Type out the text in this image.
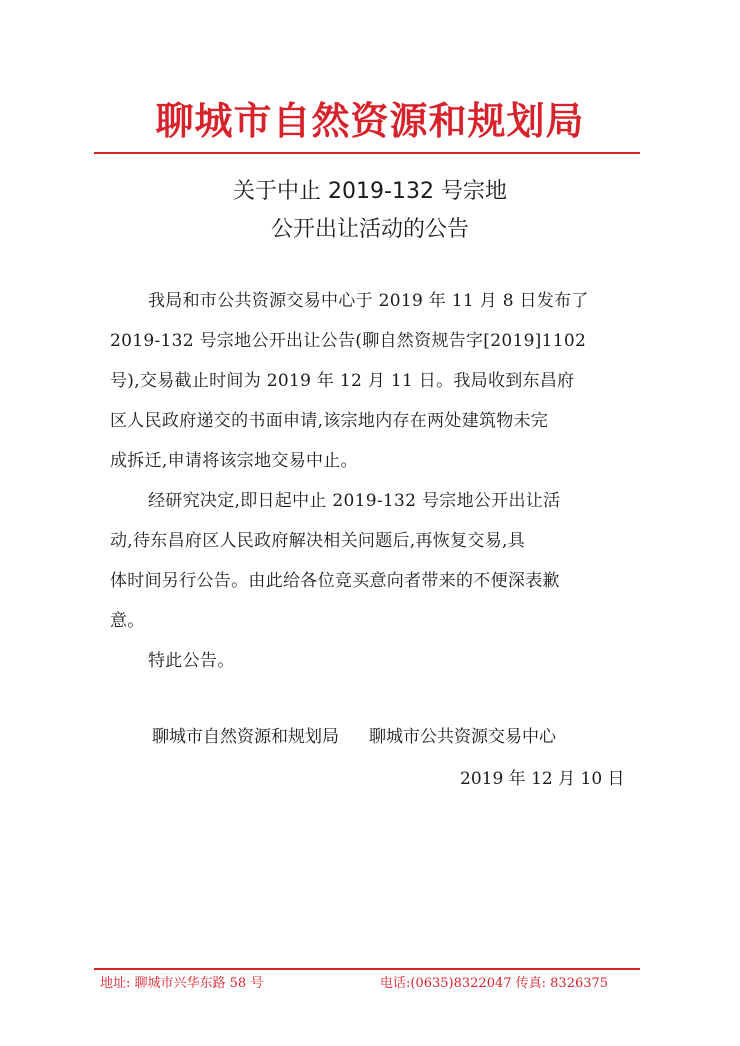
聊城市自然资源和规划局
关于中止 2019-132 号宗地
公开出让活动的公告
我局和市公共资源交易中心于 2019 年 11 月 8 日发布了
2019-132 号宗地公开出让公告(聊自然资规告字[2019]1102
号),交易截止时间为 2019 年 12 月 11 日。我局收到东昌府
区人民政府递交的书面申请,该宗地内存在两处建筑物未完
成拆迁,申请将该宗地交易中止。
经研究决定,即日起中止 2019-132 号宗地公开出让活
动,待东昌府区人民政府解决相关问题后,再恢复交易,具
体时间另行公告。由此给各位竞买意向者带来的不便深表歉
意。
特此公告。
聊城市自然资源和规划局 聊城市公共资源交易中心
2019 年 12 月 10 日
地址: 聊城市兴华东路 58 号	电话:(0635)8322047 传真: 8326375
